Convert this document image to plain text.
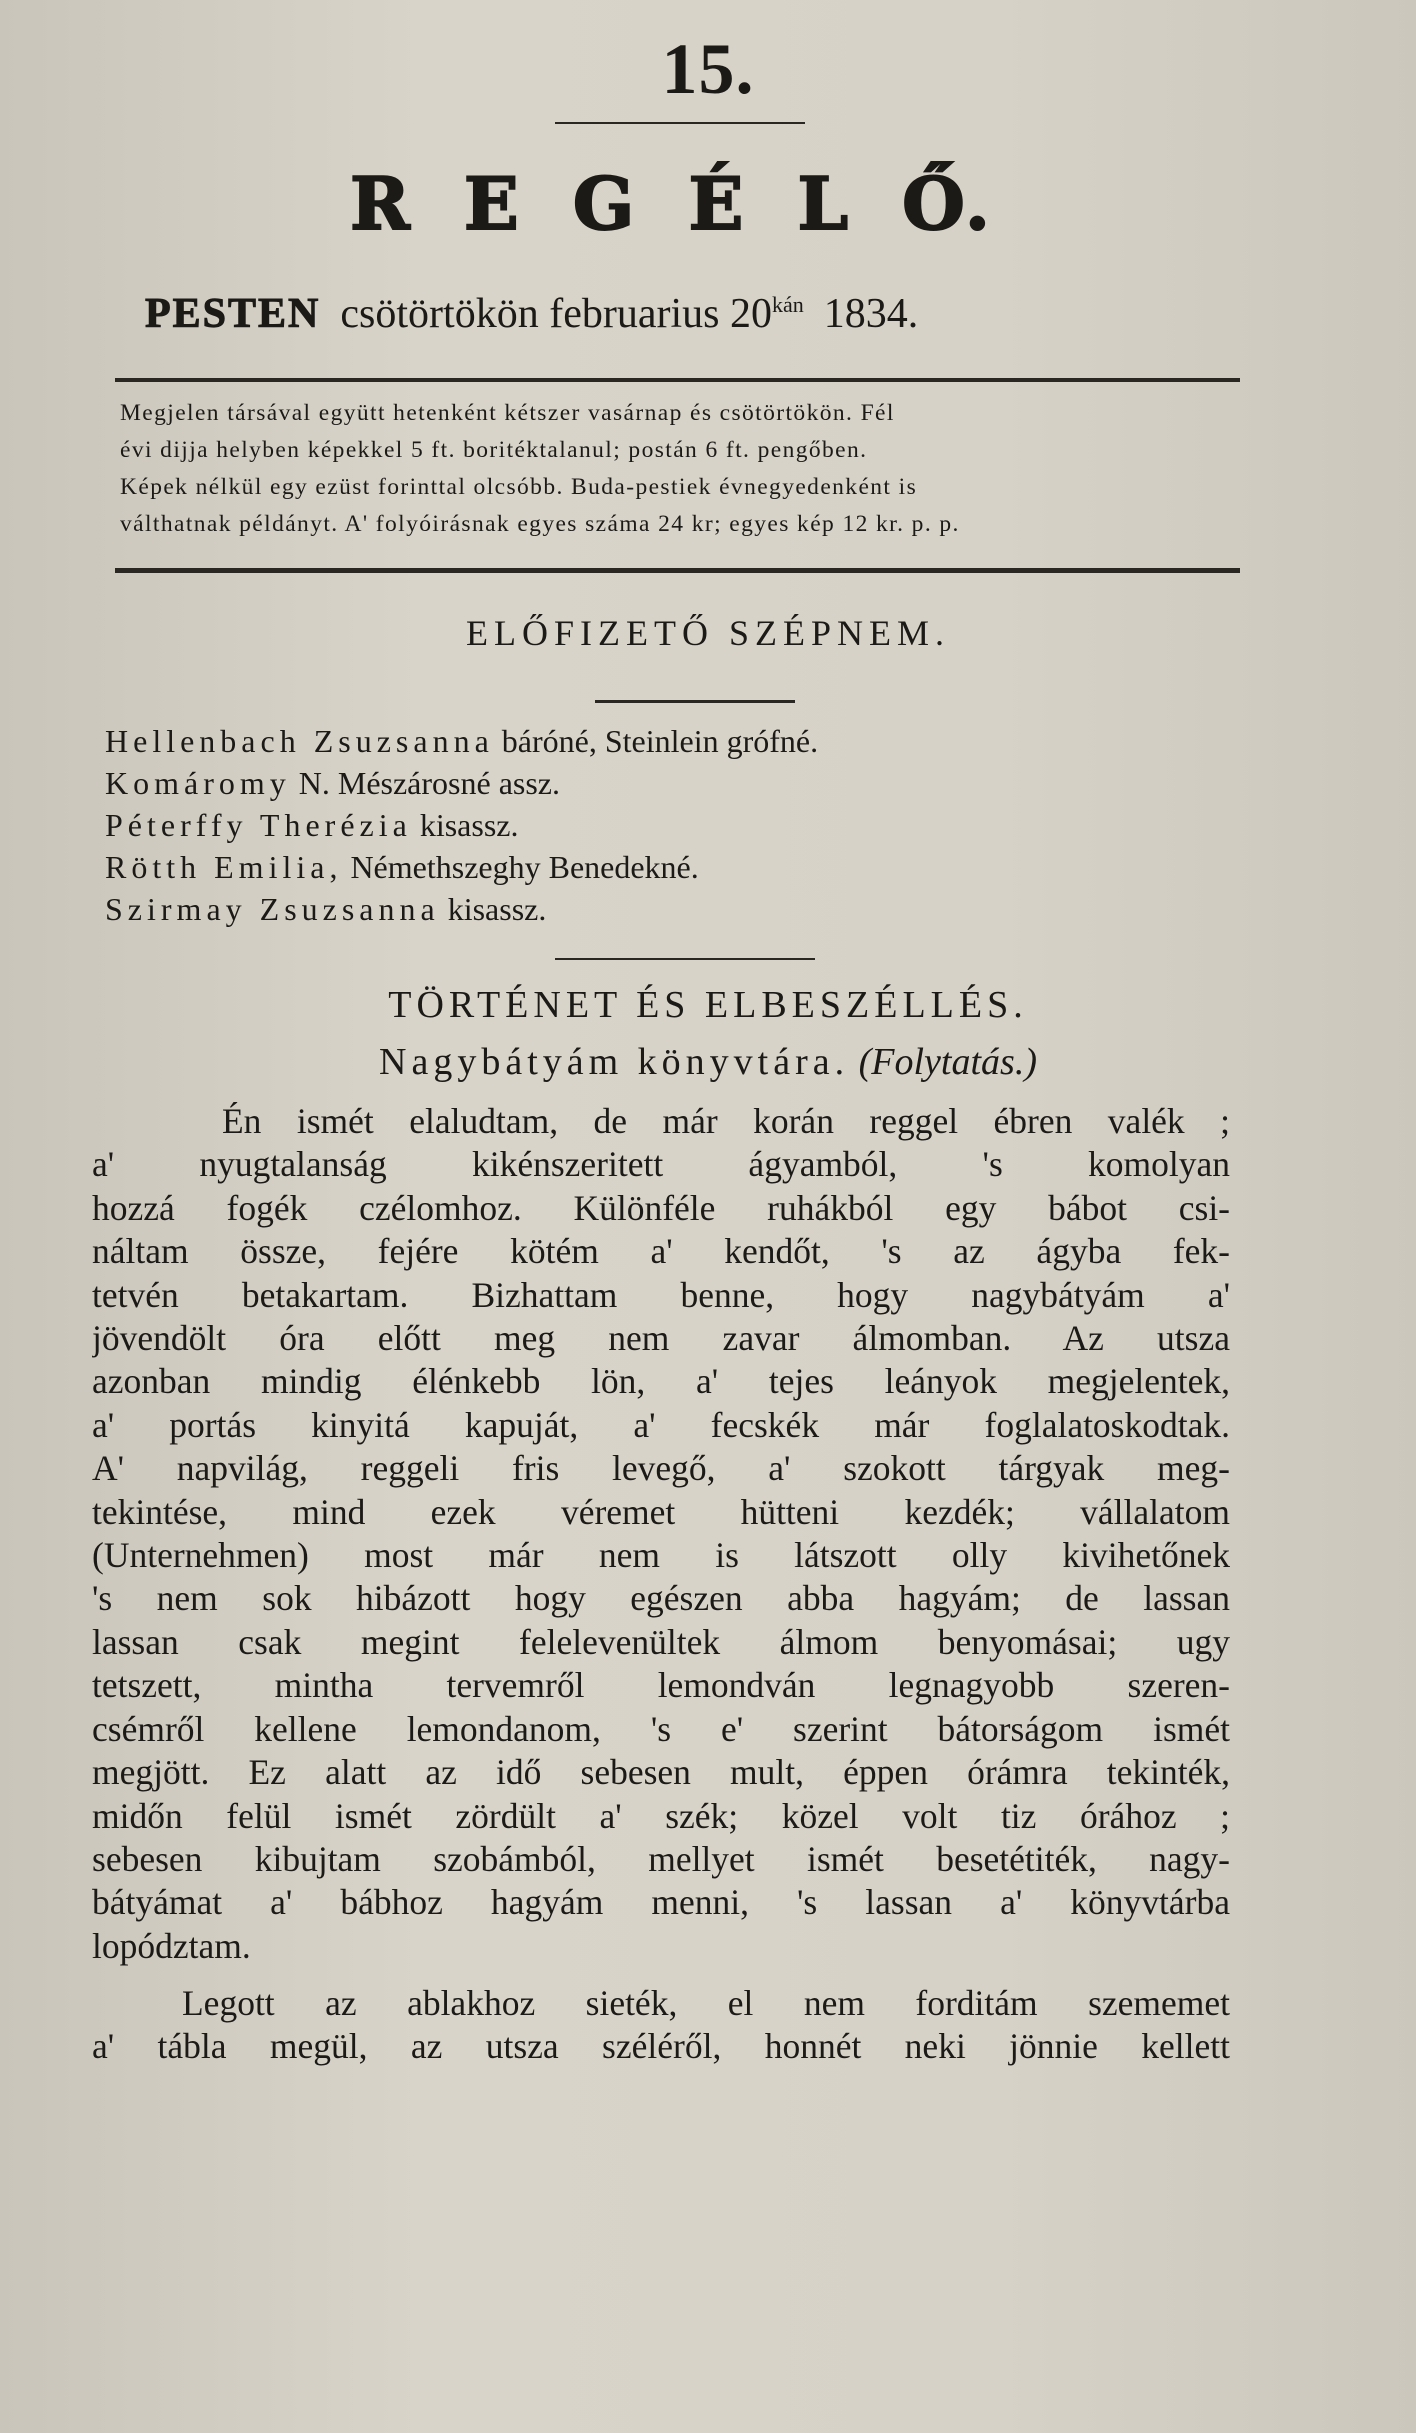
15.
R E G É L Ő.
PESTEN csötörtökön februarius $20^{kán}$ 1834.
Megjelen társával együtt hetenként kétszer vasárnap és csötörtökön. Fél
évi dijja helyben képekkel 5 ft. boritéktalanul; postán 6 ft. pengőben.
Képek nélkül egy ezüst forinttal olcsóbb. Buda-pestiek évnegyedenként is
válthatnak példányt. A' folyóirásnak egyes száma 24 kr; egyes kép 12 kr. p. p.
ELŐFIZETŐ SZÉPNEM.
Hellenbach Zsuzsanna báróné, Steinlein grófné.
Komáromy N. Mészárosné assz.
Péterffy Therézia kisassz.
Rötth Emilia, Némethszeghy Benedekné.
Szirmay Zsuzsanna kisassz.
TÖRTÉNET ÉS ELBESZÉLLÉS.
Nagybátyám könyvtára. (Folytatás.)
Én ismét elaludtam, de már korán reggel ébren valék ;
a' nyugtalanság kikénszeritett ágyamból, 's komolyan
hozzá fogék czélomhoz. Különféle ruhákból egy bábot csi-
náltam össze, fejére kötém a' kendőt, 's az ágyba fek-
tetvén betakartam. Bizhattam benne, hogy nagybátyám a'
jövendölt óra előtt meg nem zavar álmomban. Az utsza
azonban mindig élénkebb lön, a' tejes leányok megjelentek,
a' portás kinyitá kapuját, a' fecskék már foglalatoskodtak.
A' napvilág, reggeli fris levegő, a' szokott tárgyak meg-
tekintése, mind ezek véremet hütteni kezdék; vállalatom
(Unternehmen) most már nem is látszott olly kivihetőnek
's nem sok hibázott hogy egészen abba hagyám; de lassan
lassan csak megint felelevenültek álmom benyomásai; ugy
tetszett, mintha tervemről lemondván legnagyobb szeren-
csémről kellene lemondanom, 's e' szerint bátorságom ismét
megjött. Ez alatt az idő sebesen mult, éppen órámra tekinték,
midőn felül ismét zördült a' szék; közel volt tiz órához ;
sebesen kibujtam szobámból, mellyet ismét besetétiték, nagy-
bátyámat a' bábhoz hagyám menni, 's lassan a' könyvtárba
lopództam.
Legott az ablakhoz sieték, el nem forditám szememet
a' tábla megül, az utsza széléről, honnét neki jönnie kellett
